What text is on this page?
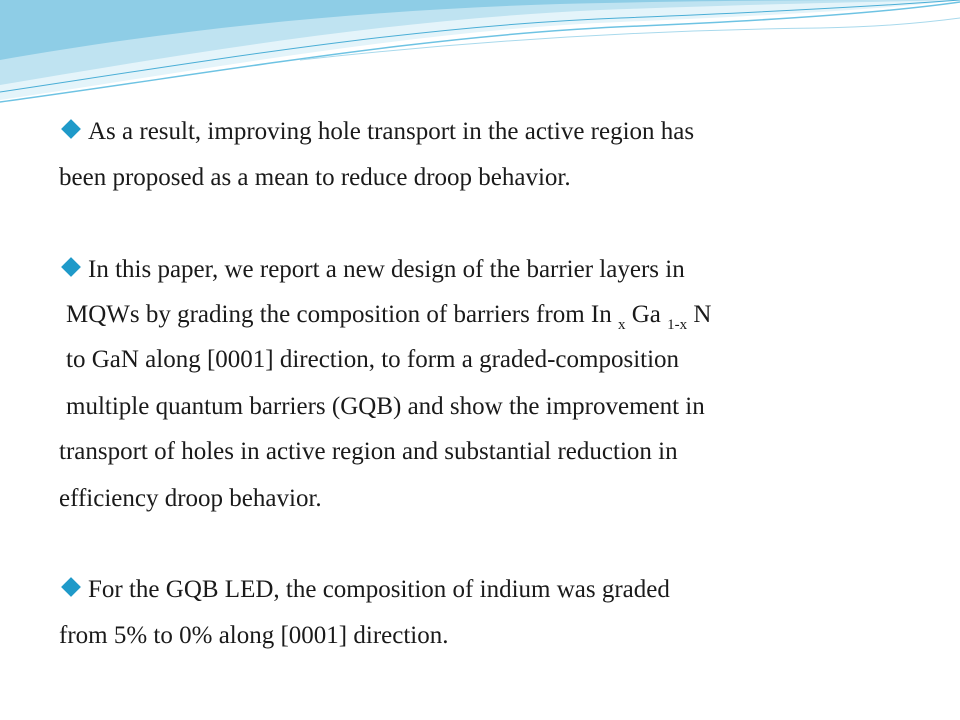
As a result, improving hole transport in the active region has
been proposed as a mean to reduce droop behavior.
In this paper, we report a new design of the barrier layers in
MQWs by grading the composition of barriers from In $_x$ Ga $_{1-x}$ N
to GaN along [0001] direction, to form a graded-composition
multiple quantum barriers (GQB) and show the improvement in
transport of holes in active region and substantial reduction in
efficiency droop behavior.
For the GQB LED, the composition of indium was graded
from 5% to 0% along [0001] direction.
